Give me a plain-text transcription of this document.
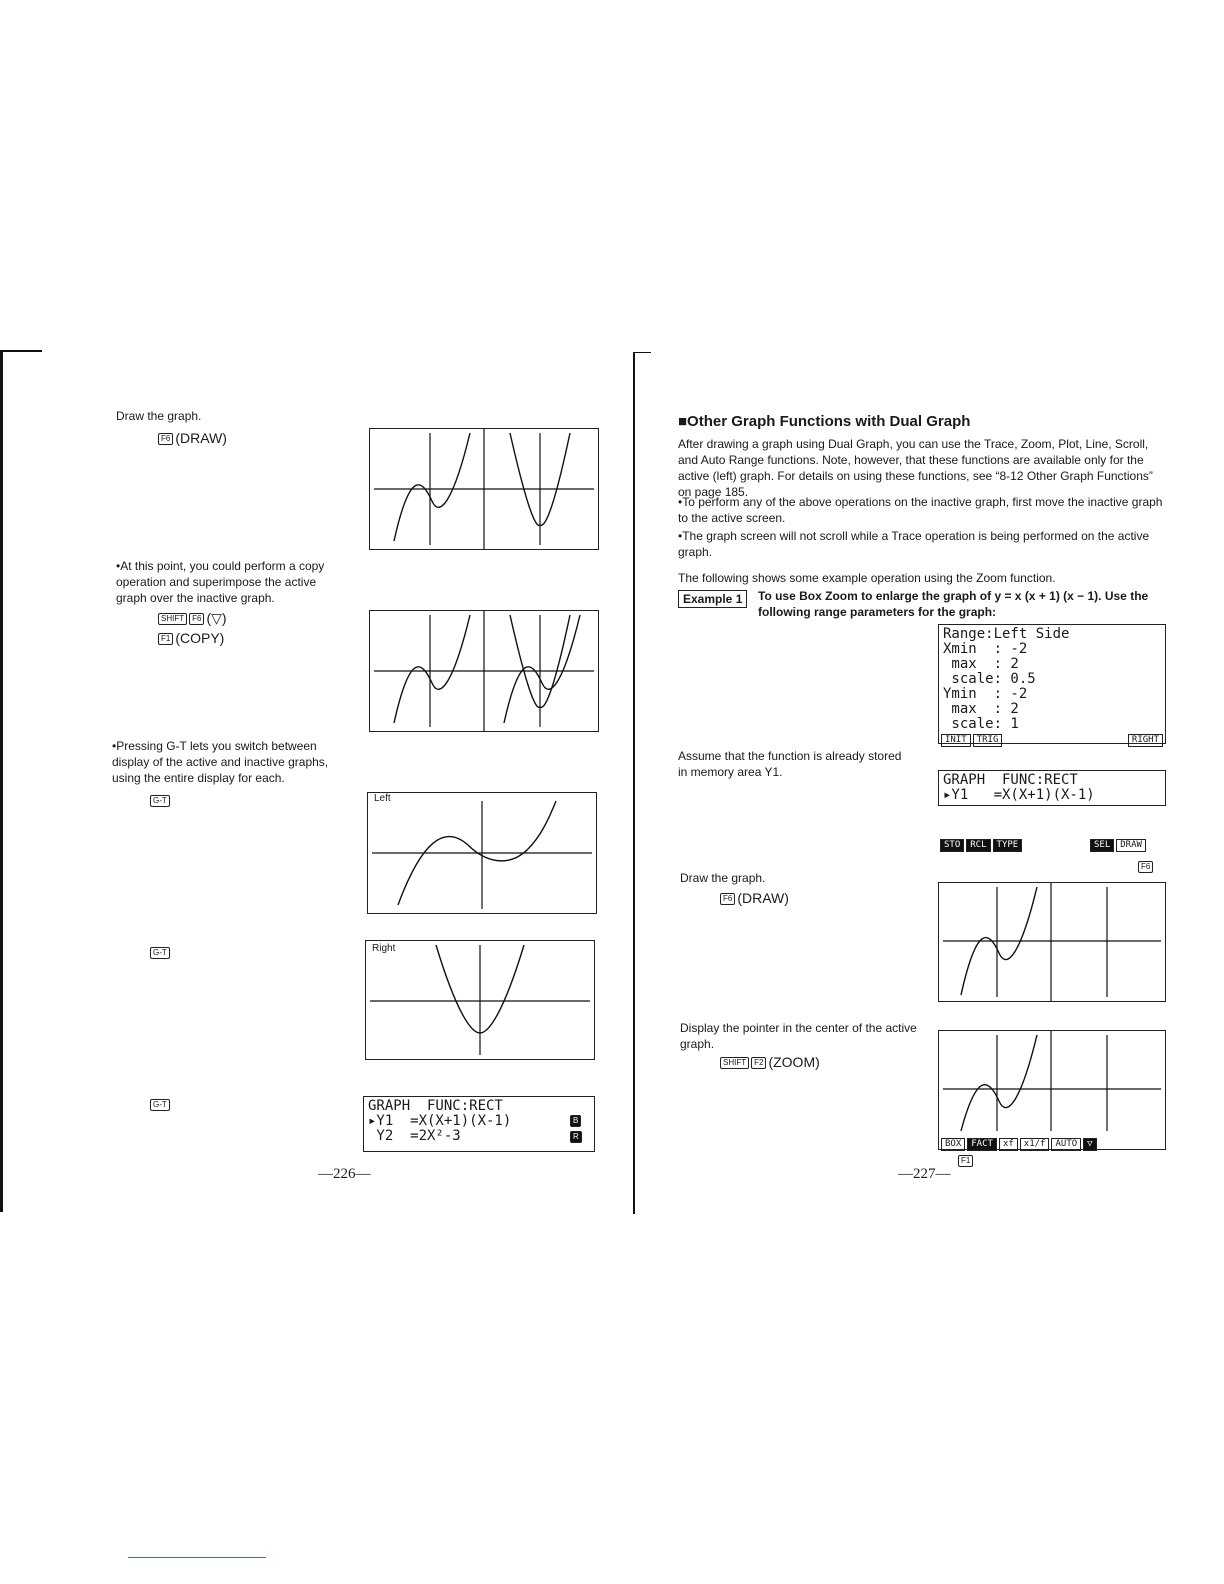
Draw the graph.
F6 (DRAW)
•At this point, you could perform a copy operation and superimpose the active graph over the inactive graph.
SHIFT F6 (▽)
F1 (COPY)
•Pressing G-T lets you switch between display of the active and inactive graphs, using the entire display for each.
G-T	Left
G-T	Right
G-T	GRAPH  FUNC:RECT
▸Y1  =X(X+1)(X-1)
Y2  =2X²-3
B
R
—226—
■Other Graph Functions with Dual Graph
After drawing a graph using Dual Graph, you can use the Trace, Zoom, Plot, Line, Scroll, and Auto Range functions. Note, however, that these functions are available only for the active (left) graph. For details on using these functions, see “8-12 Other Graph Functions” on page 185.
•To perform any of the above operations on the inactive graph, first move the inactive graph to the active screen.
•The graph screen will not scroll while a Trace operation is being performed on the active graph.
The following shows some example operation using the Zoom function.
Example 1	To use Box Zoom to enlarge the graph of y = x (x + 1) (x − 1). Use the following range parameters for the graph:
Range:Left Side
Xmin  : -2
max  : 2
scale: 0.5
Ymin  : -2
max  : 2
scale: 1
INIT TRIG	RIGHT
Assume that the function is already stored in memory area Y1.	GRAPH  FUNC:RECT
▸Y1   =X(X+1)(X-1)
STO RCL TYPE	SEL DRAW
F6
Draw the graph.
F6 (DRAW)
Display the pointer in the center of the active graph.
SHIFT F2 (ZOOM)
BOX FACT xf x1/f AUTO ▽
F1
—227—
